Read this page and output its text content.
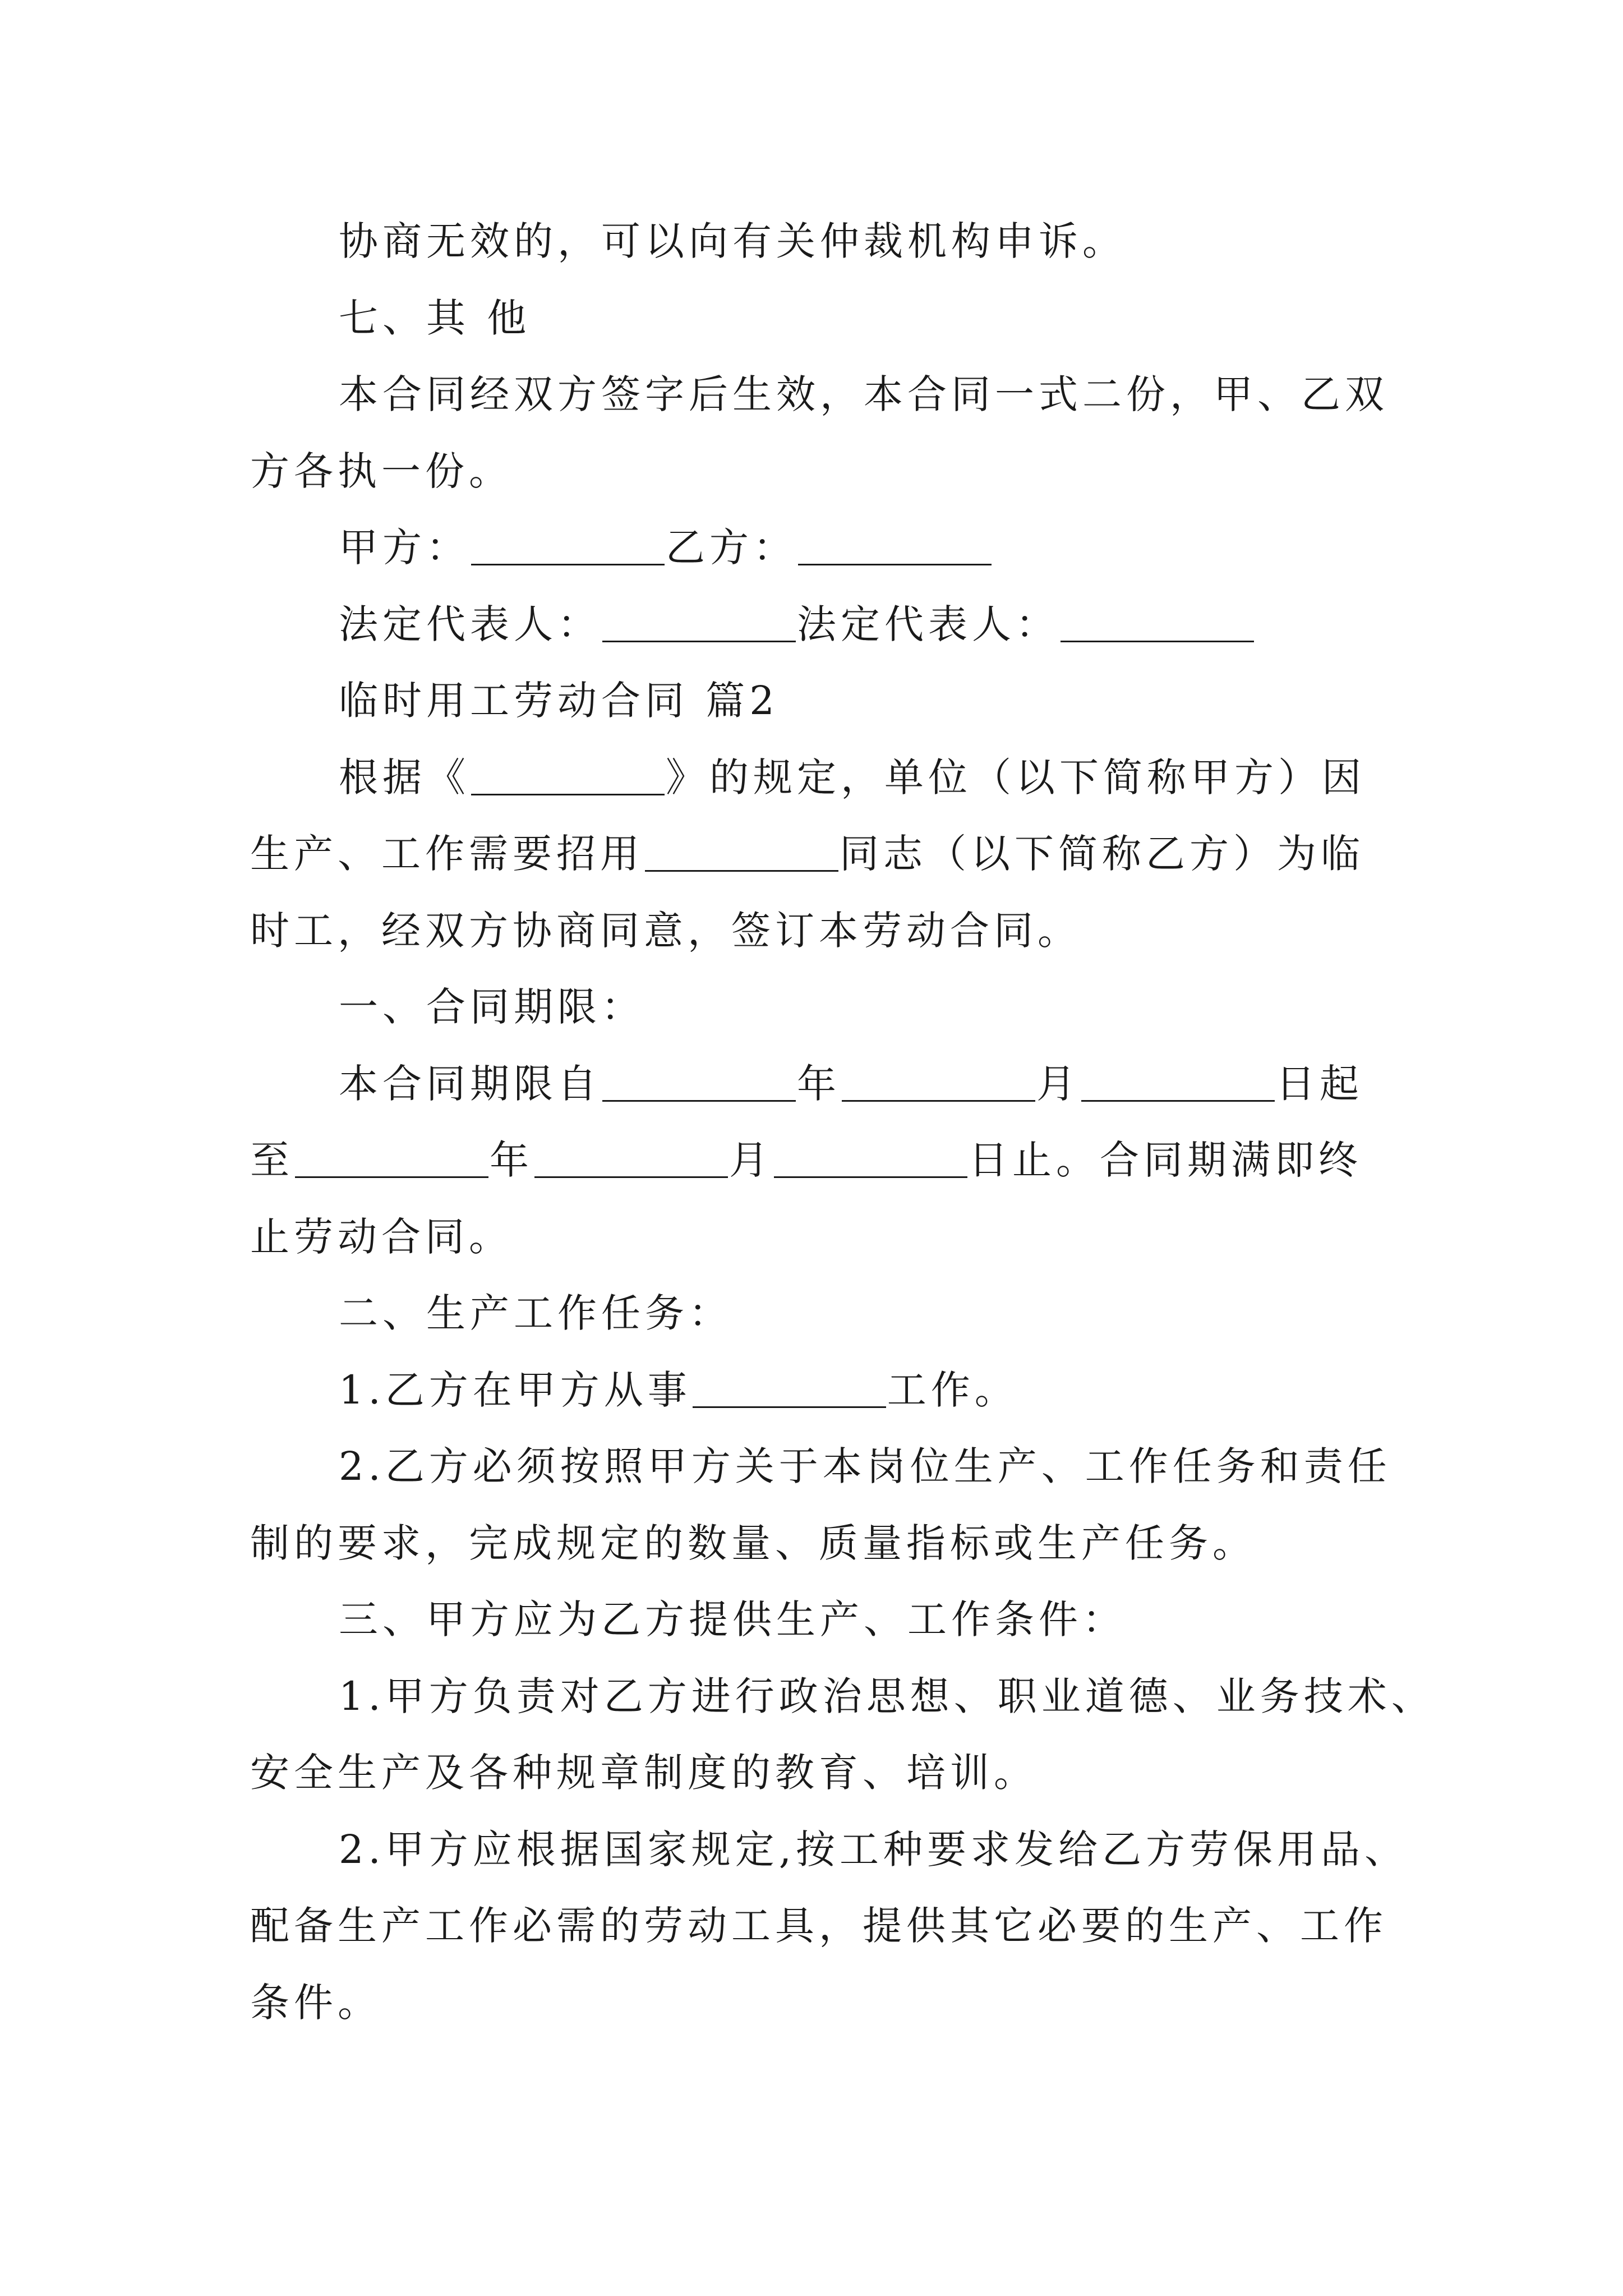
协商无效的，可以向有关仲裁机构申诉。
七、其 他
本合同经双方签字后生效，本合同一式二份，甲、乙双
方各执一份。
甲方：	乙方：
法定代表人：	法定代表人：
临时用工劳动合同 篇2
根据《	》的规定，单位（以下简称甲方）因
生产、工作需要招用	同志（以下简称乙方）为临
时工，经双方协商同意，签订本劳动合同。
一、合同期限：
本合同期限自	年	月	日起
至	年	月	日止。合同期满即终
止劳动合同。
二、生产工作任务：
1.乙方在甲方从事	工作。
2.乙方必须按照甲方关于本岗位生产、工作任务和责任
制的要求，完成规定的数量、质量指标或生产任务。
三、甲方应为乙方提供生产、工作条件：
1.甲方负责对乙方进行政治思想、职业道德、业务技术、
安全生产及各种规章制度的教育、培训。
2.甲方应根据国家规定,按工种要求发给乙方劳保用品、
配备生产工作必需的劳动工具，提供其它必要的生产、工作
条件。
